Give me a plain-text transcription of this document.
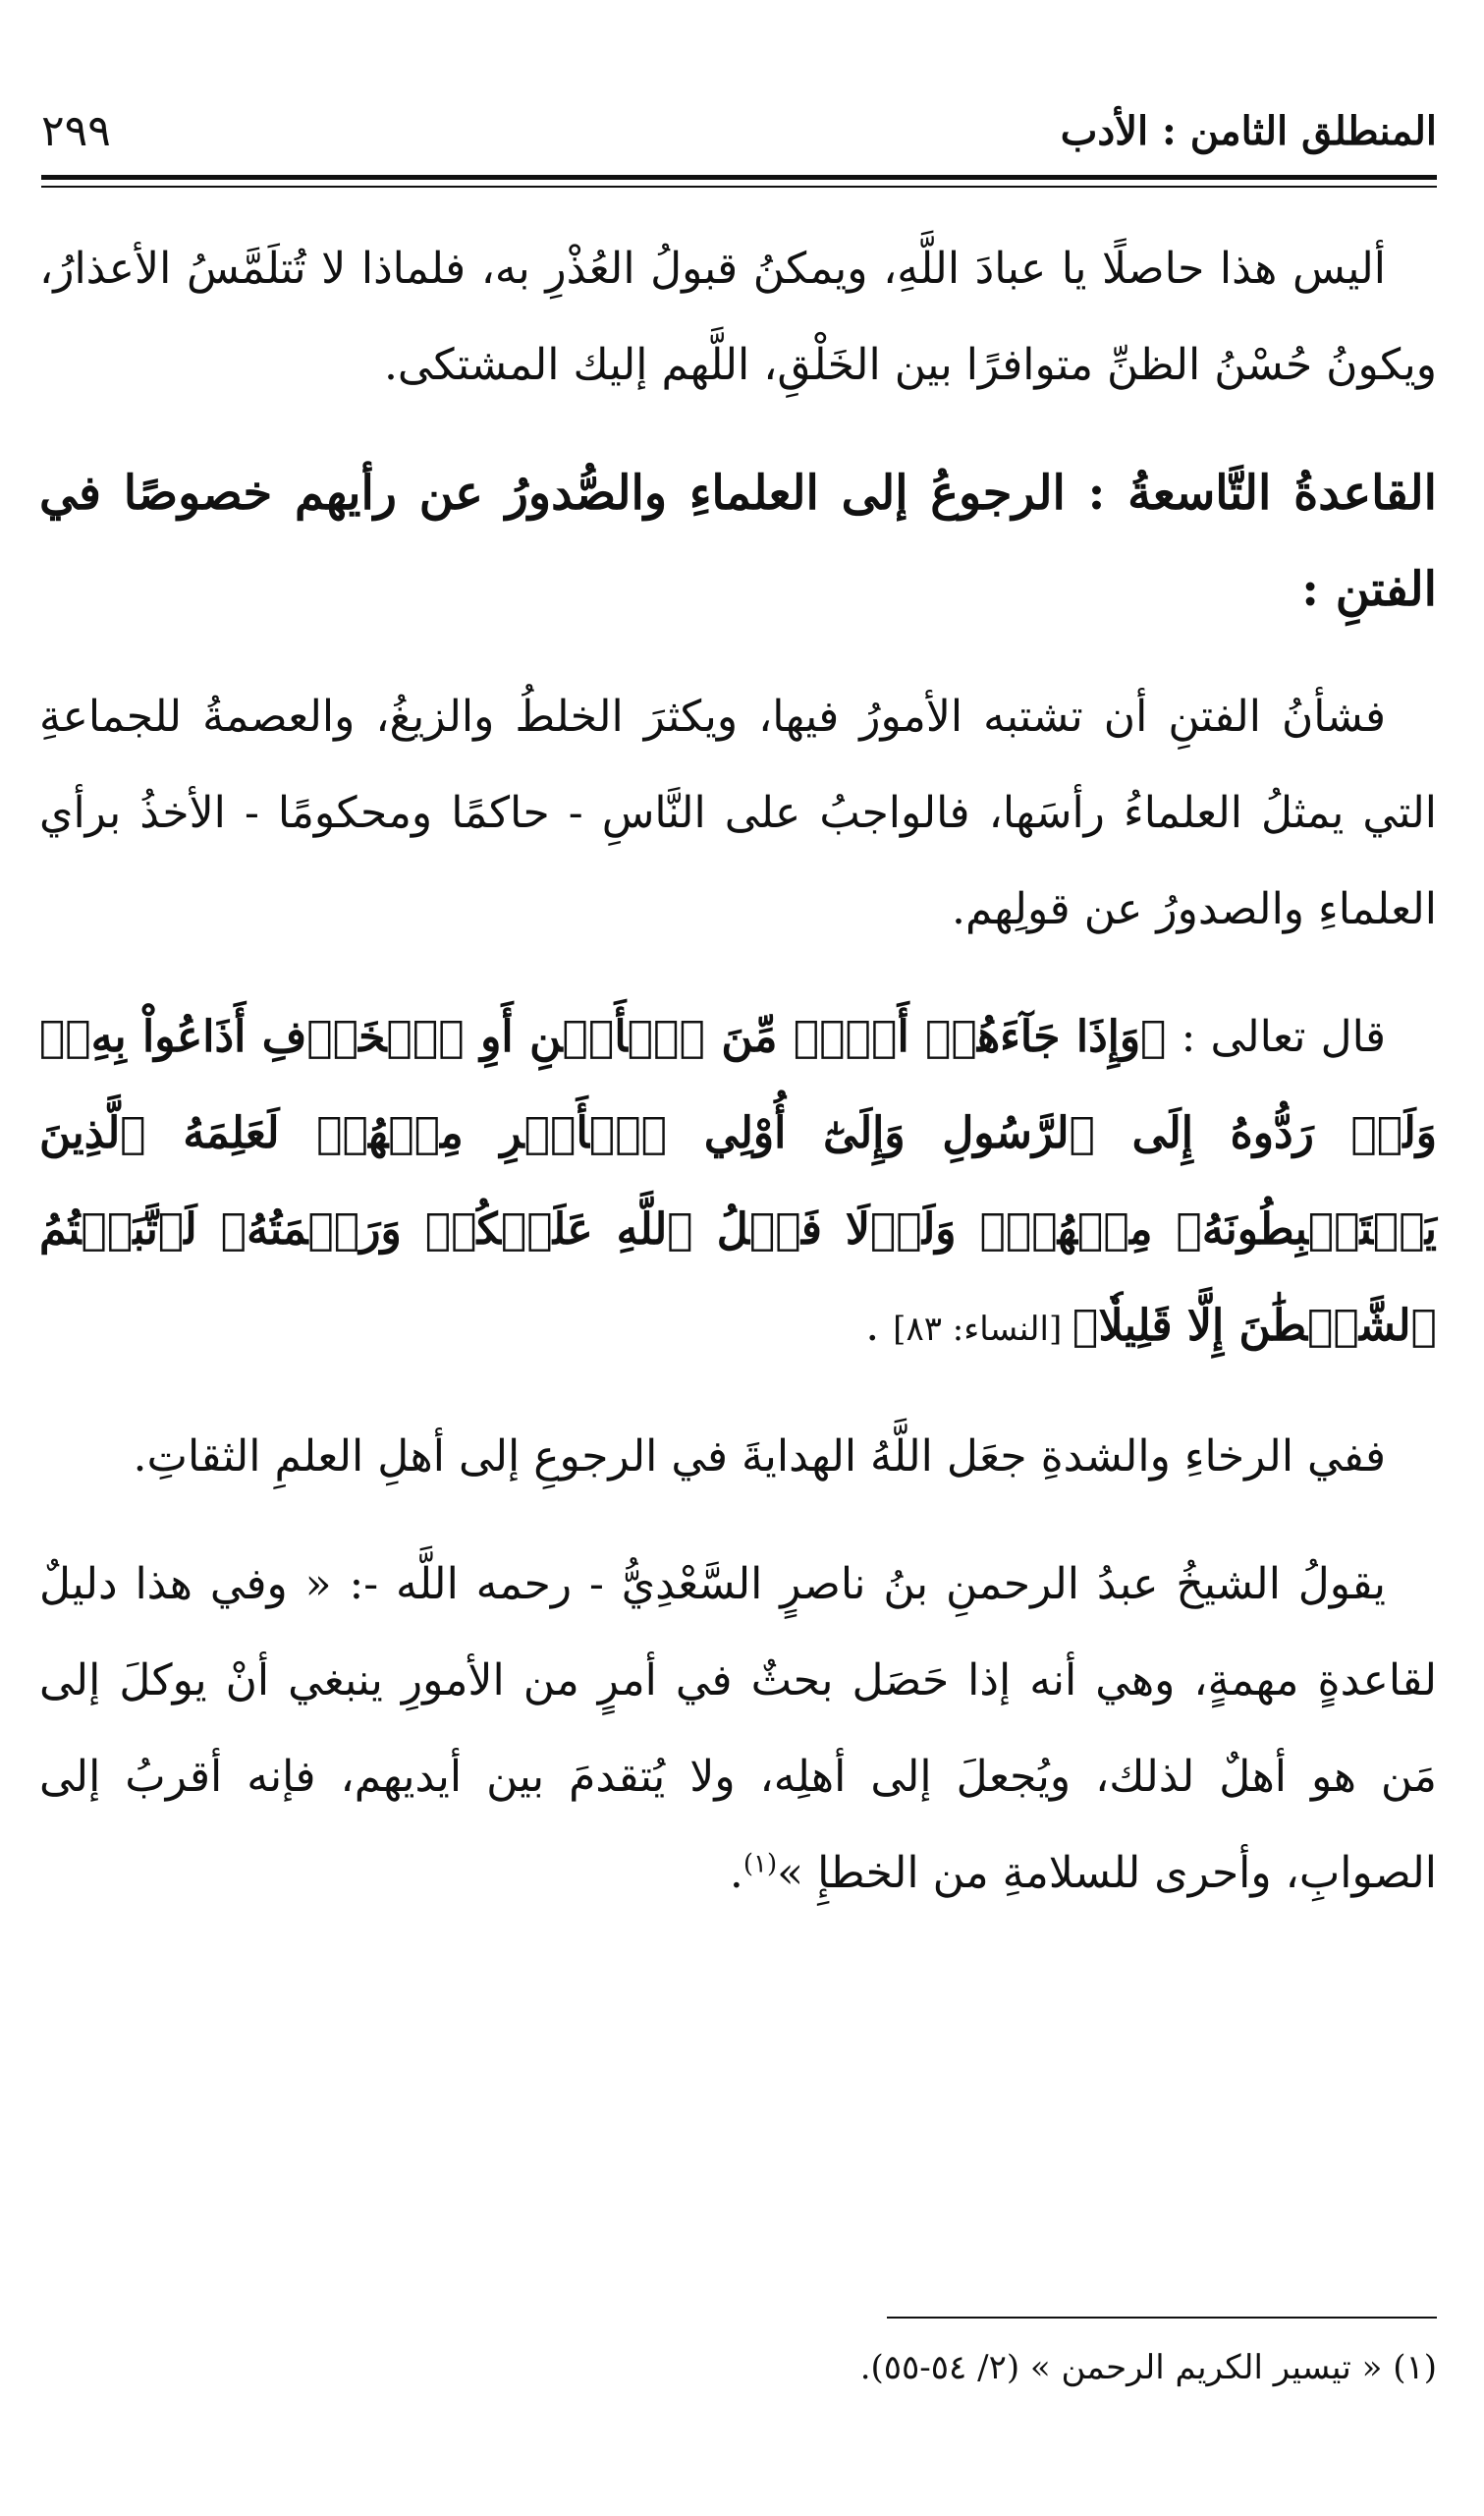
المنطلق الثامن : الأدب
٢٩٩

أليس هذا حاصلًا يا عبادَ اللَّهِ، ويمكنُ قبولُ العُذْرِ به، فلماذا لا تُتلَمَّسُ الأعذارُ، ويكونُ حُسْنُ الظنِّ متوافرًا بين الخَلْقِ، اللَّهم إليك المشتكى.

القاعدةُ التَّاسعةُ : الرجوعُ إلى العلماءِ والصُّدورُ عن رأيهم خصوصًا في الفتنِ :

فشأنُ الفتنِ أن تشتبه الأمورُ فيها، ويكثرَ الخلطُ والزيغُ، والعصمةُ للجماعةِ التي يمثلُ العلماءُ رأسَها، فالواجبُ على النَّاسِ - حاكمًا ومحكومًا - الأخذُ برأي العلماءِ والصدورُ عن قولِهم.

قال تعالى : ﴿وَإِذَا جَآءَهُمۡ أَمۡرٞ مِّنَ ٱلۡأَمۡنِ أَوِ ٱلۡخَوۡفِ أَذَاعُواْ بِهِۦۖ وَلَوۡ رَدُّوهُ إِلَى ٱلرَّسُولِ وَإِلَىٰٓ أُوْلِي ٱلۡأَمۡرِ مِنۡهُمۡ لَعَلِمَهُ ٱلَّذِينَ يَسۡتَنۢبِطُونَهُۥ مِنۡهُمۡۗ وَلَوۡلَا فَضۡلُ ٱللَّهِ عَلَيۡكُمۡ وَرَحۡمَتُهُۥ لَٱتَّبَعۡتُمُ ٱلشَّيۡطَٰنَ إِلَّا قَلِيلٗا﴾ [النساء: ٨٣] .

ففي الرخاءِ والشدةِ جعَل اللَّهُ الهدايةَ في الرجوعِ إلى أهلِ العلمِ الثقاتِ.

يقولُ الشيخُ عبدُ الرحمنِ بنُ ناصرٍ السَّعْدِيُّ - رحمه اللَّه -: « وفي هذا دليلٌ لقاعدةٍ مهمةٍ، وهي أنه إذا حَصَل بحثٌ في أمرٍ من الأمورِ ينبغي أنْ يوكلَ إلى مَن هو أهلٌ لذلك، ويُجعلَ إلى أهلِه، ولا يُتقدمَ بين أيديهم، فإنه أقربُ إلى الصوابِ، وأحرى للسلامةِ من الخطإِ »$^{(١)}$.

(١) « تيسير الكريم الرحمن » (٢/ ٥٤-٥٥).
